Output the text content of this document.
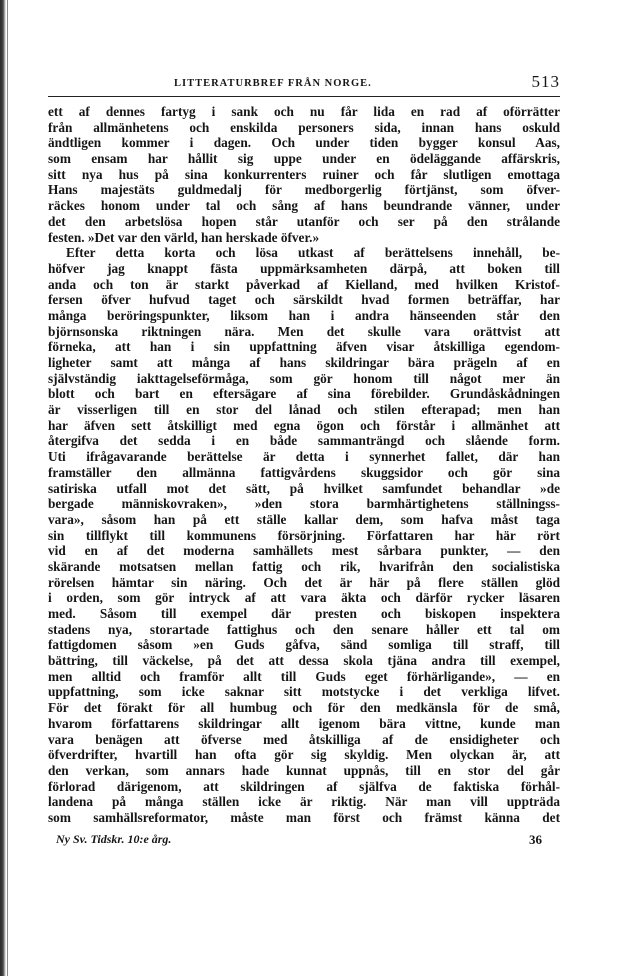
LITTERATURBREF FRÅN NORGE.	513
ett af dennes fartyg i sank och nu får lida en rad af oförrätter
från allmänhetens och enskilda personers sida, innan hans oskuld
ändtligen kommer i dagen. Och under tiden bygger konsul Aas,
som ensam har hållit sig uppe under en ödeläggande affärskris,
sitt nya hus på sina konkurrenters ruiner och får slutligen emottaga
Hans majestäts guldmedalj för medborgerlig förtjänst, som öfver-
räckes honom under tal och sång af hans beundrande vänner, under
det den arbetslösa hopen står utanför och ser på den strålande
festen. »Det var den värld, han herskade öfver.»
Efter detta korta och lösa utkast af berättelsens innehåll, be-
höfver jag knappt fästa uppmärksamheten därpå, att boken till
anda och ton är starkt påverkad af Kielland, med hvilken Kristof-
fersen öfver hufvud taget och särskildt hvad formen beträffar, har
många beröringspunkter, liksom han i andra hänseenden står den
björnsonska riktningen nära. Men det skulle vara orättvist att
förneka, att han i sin uppfattning äfven visar åtskilliga egendom-
ligheter samt att många af hans skildringar bära prägeln af en
självständig iakttagelseförmåga, som gör honom till något mer än
blott och bart en eftersägare af sina förebilder. Grundåskådningen
är visserligen till en stor del lånad och stilen efterapad; men han
har äfven sett åtskilligt med egna ögon och förstår i allmänhet att
återgifva det sedda i en både sammanträngd och slående form.
Uti ifrågavarande berättelse är detta i synnerhet fallet, där han
framställer den allmänna fattigvårdens skuggsidor och gör sina
satiriska utfall mot det sätt, på hvilket samfundet behandlar »de
bergade människovraken», »den stora barmhärtighetens ställningss-
vara», såsom han på ett ställe kallar dem, som hafva måst taga
sin tillflykt till kommunens försörjning. Författaren har här rört
vid en af det moderna samhällets mest sårbara punkter, — den
skärande motsatsen mellan fattig och rik, hvarifrån den socialistiska
rörelsen hämtar sin näring. Och det är här på flere ställen glöd
i orden, som gör intryck af att vara äkta och därför rycker läsaren
med. Såsom till exempel där presten och biskopen inspektera
stadens nya, storartade fattighus och den senare håller ett tal om
fattigdomen såsom »en Guds gåfva, sänd somliga till straff, till
bättring, till väckelse, på det att dessa skola tjäna andra till exempel,
men alltid och framför allt till Guds eget förhärligande», — en
uppfattning, som icke saknar sitt motstycke i det verkliga lifvet.
För det förakt för all humbug och för den medkänsla för de små,
hvarom författarens skildringar allt igenom bära vittne, kunde man
vara benägen att öfverse med åtskilliga af de ensidigheter och
öfverdrifter, hvartill han ofta gör sig skyldig. Men olyckan är, att
den verkan, som annars hade kunnat uppnås, till en stor del går
förlorad därigenom, att skildringen af själfva de faktiska förhål-
landena på många ställen icke är riktig. När man vill uppträda
som samhällsreformator, måste man först och främst känna det
Ny Sv. Tidskr. 10:e årg.	36
